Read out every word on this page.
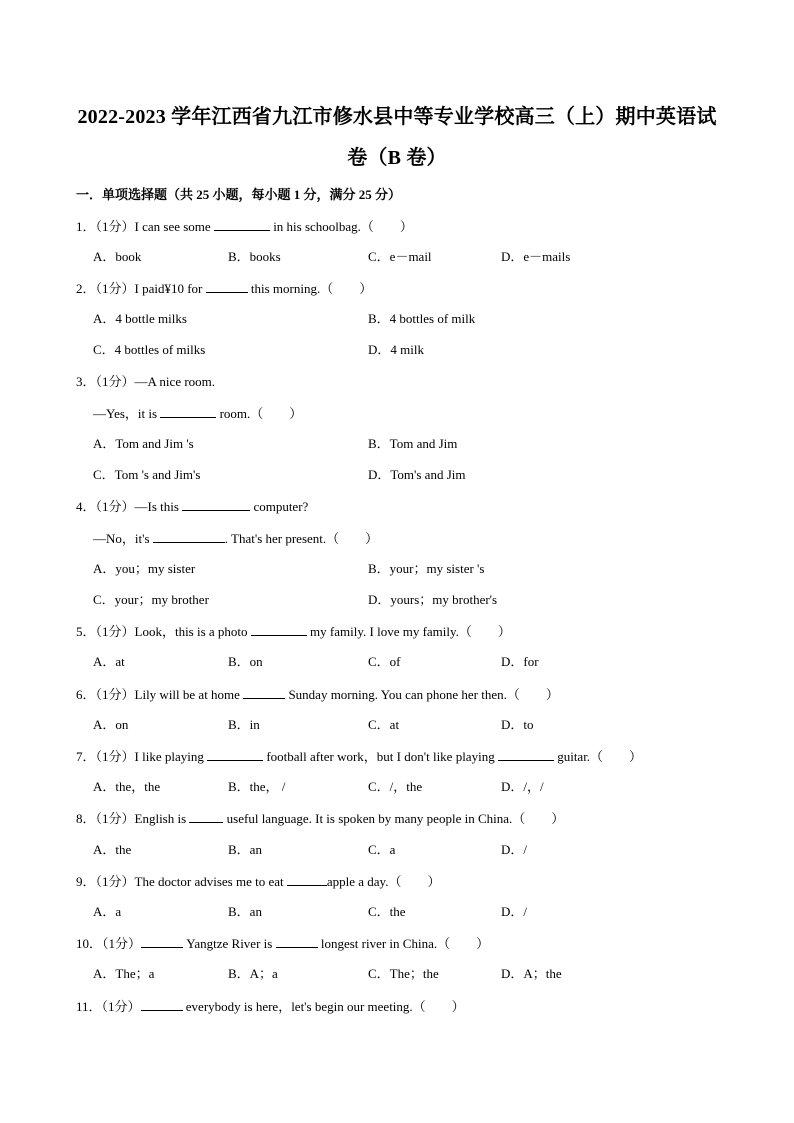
2022-2023 学年江西省九江市修水县中等专业学校高三（上）期中英语试
卷（B 卷）
一．单项选择题（共 25 小题，每小题 1 分，满分 25 分）
1．（1分）I can see some	in his schoolbag.（　　）
A．book	B．books	C．e－mail	D．e－mails
2．（1分）I paid¥10 for	this morning.（　　）
A．4 bottle milks	B．4 bottles of milk
C．4 bottles of milks	D．4 milk
3．（1分）—A nice room.
—Yes，it is	room.（　　）
A．Tom and Jim 's	B．Tom and Jim
C．Tom 's and Jim's	D．Tom's and Jim
4．（1分）—Is this	computer?
—No，it's	. That's her present.（　　）
A．you；my sister	B．your；my sister 's
C．your；my brother	D．yours；my brother's
5．（1分）Look，this is a photo	my family. I love my family.（　　）
A．at	B．on	C．of	D．for
6．（1分）Lily will be at home	Sunday morning. You can phone her then.（　　）
A．on	B．in	C．at	D．to
7．（1分）I like playing	football after work，but I don't like playing	guitar.（　　）
A．the，the	B．the， /	C．/，the	D．/，/
8．（1分）English is	useful language. It is spoken by many people in China.（　　）
A．the	B．an	C．a	D．/
9．（1分）The doctor advises me to eat	apple a day.（　　）
A．a	B．an	C．the	D．/
10．（1分）	Yangtze River is	longest river in China.（　　）
A．The；a	B．A；a	C．The；the	D．A；the
11．（1分）	everybody is here，let's begin our meeting.（　　）
